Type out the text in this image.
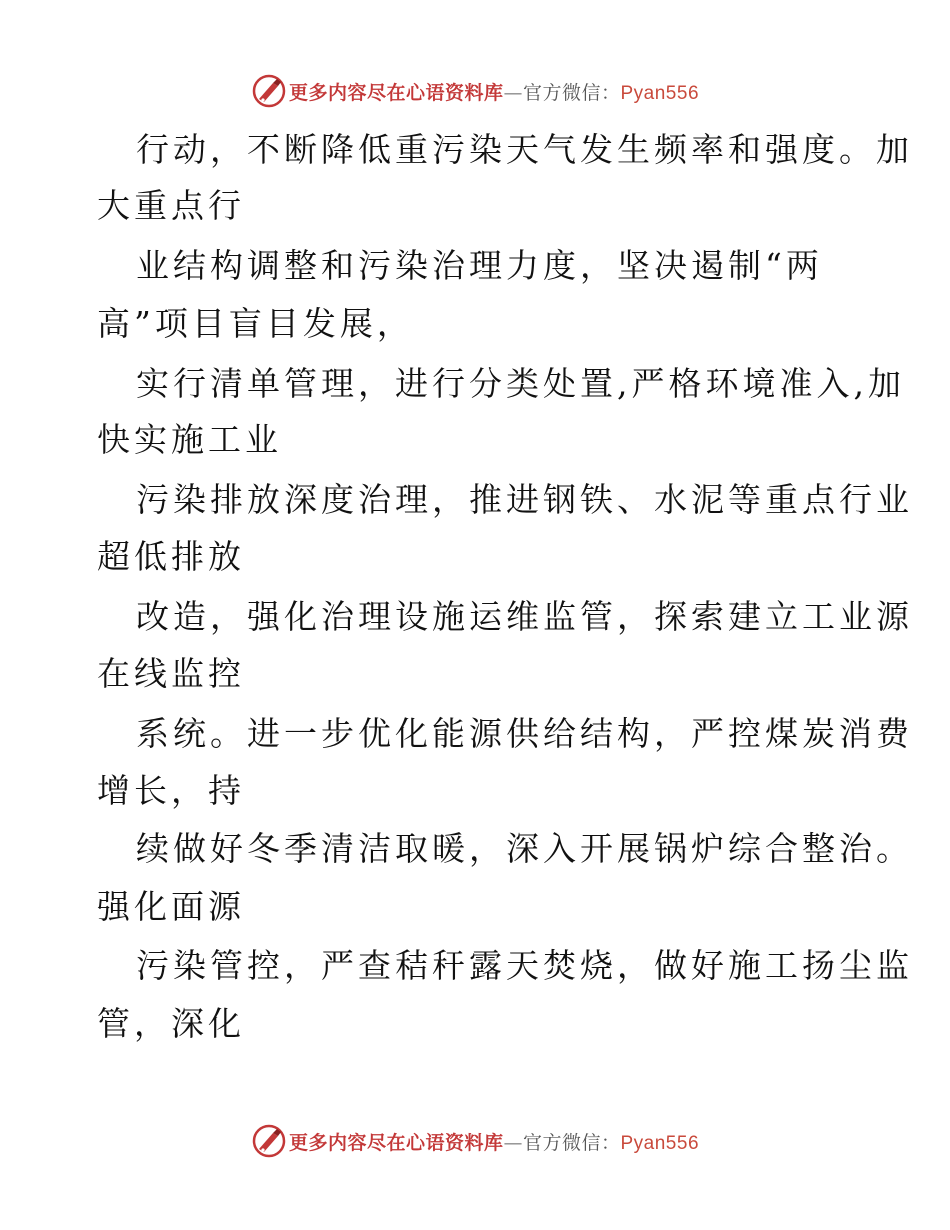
更多内容尽在心语资料库—官方微信：Pyan556
行动，不断降低重污染天气发生频率和强度。加
大重点行
业结构调整和污染治理力度，坚决遏制“两
高”项目盲目发展，
实行清单管理，进行分类处置,严格环境准入,加
快实施工业
污染排放深度治理，推进钢铁、水泥等重点行业
超低排放
改造，强化治理设施运维监管，探索建立工业源
在线监控
系统。进一步优化能源供给结构，严控煤炭消费
增长，持
续做好冬季清洁取暖，深入开展锅炉综合整治。
强化面源
污染管控，严查秸秆露天焚烧，做好施工扬尘监
管，深化
更多内容尽在心语资料库—官方微信：Pyan556
